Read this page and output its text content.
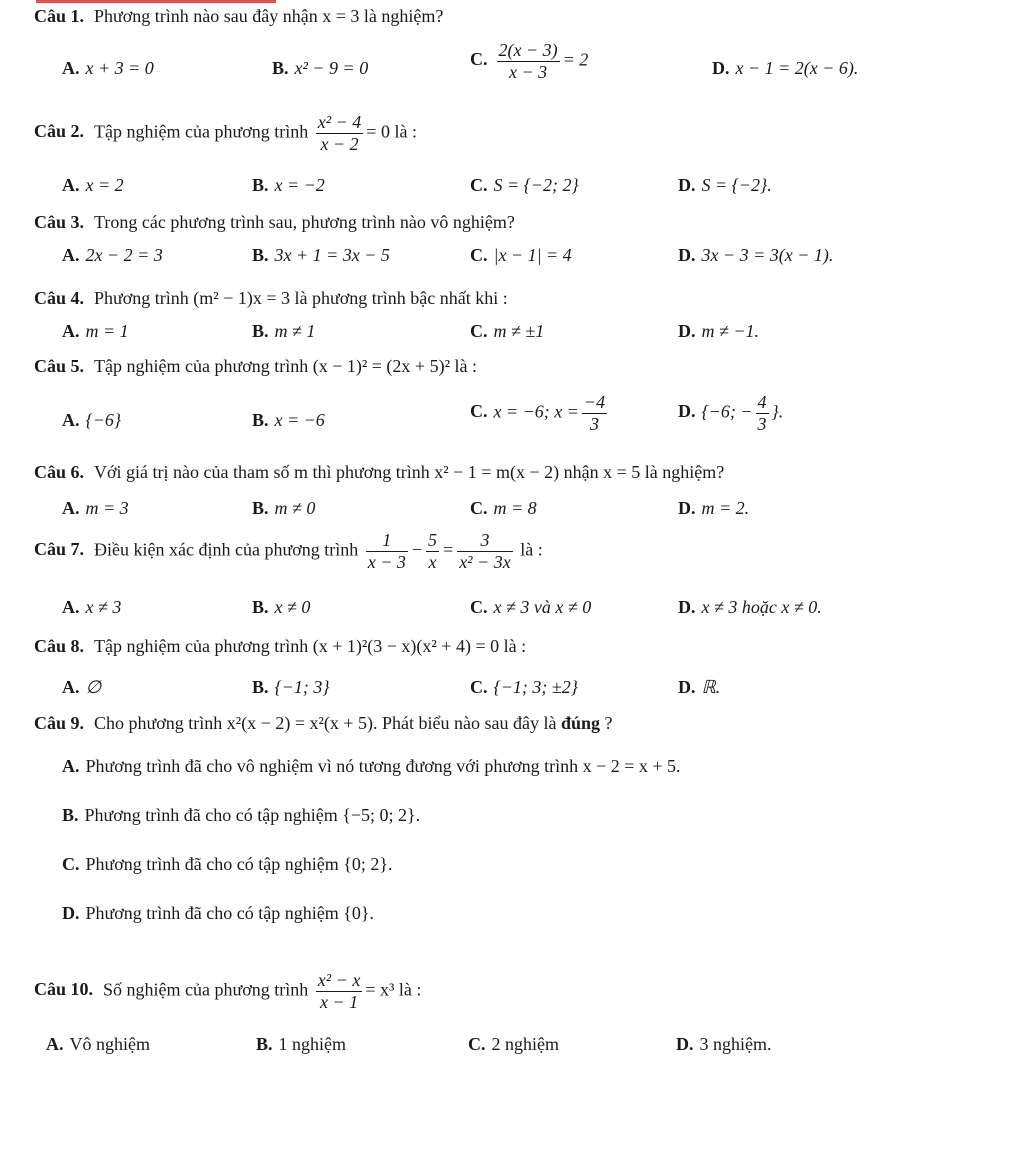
Câu 1. Phương trình nào sau đây nhận x = 3 là nghiệm?
A. x + 3 = 0	B. x² − 9 = 0	C. $\frac{2(x - 3)}{x - 3} = 2$	D. x − 1 = 2(x − 6).
Câu 2. Tập nghiệm của phương trình $\frac{\text{x² − 4}}{x - 2} = 0$ là :
A. x = 2	B. x = −2	C. S = {−2; 2}	D. S = {−2}.
Câu 3. Trong các phương trình sau, phương trình nào vô nghiệm?
A. 2x − 2 = 3	B. 3x + 1 = 3x − 5	C. |x − 1| = 4	D. 3x − 3 = 3(x − 1).
Câu 4. Phương trình (m² − 1)x = 3 là phương trình bậc nhất khi :
A. m = 1	B. m ≠ 1	C. m ≠ ±1	D. m ≠ −1.
Câu 5. Tập nghiệm của phương trình (x − 1)² = (2x + 5)² là :
A. {−6}	B. x = −6	C. x = −6; $x = \frac{-4}{3}$	D. {−6; − $\frac{4}{3}$ }.
Câu 6. Với giá trị nào của tham số m thì phương trình x² − 1 = m(x − 2) nhận x = 5 là nghiệm?
A. m = 3	B. m ≠ 0	C. m = 8	D. m = 2.
Câu 7. Điều kiện xác định của phương trình $\frac{1}{x - 3} - \frac{5}{x} = \frac{3}{\text{x² − 3x}}$ là :
A. x ≠ 3	B. x ≠ 0	C. x ≠ 3 và x ≠ 0	D. x ≠ 3 hoặc x ≠ 0.
Câu 8. Tập nghiệm của phương trình (x + 1)²(3 − x)(x² + 4) = 0 là :
A. ∅	B. {−1; 3}	C. {−1; 3; ±2}	D. ℝ.
Câu 9. Cho phương trình x²(x − 2) = x²(x + 5). Phát biểu nào sau đây là đúng ?
A. Phương trình đã cho vô nghiệm vì nó tương đương với phương trình x − 2 = x + 5.
B. Phương trình đã cho có tập nghiệm {−5; 0; 2}.
C. Phương trình đã cho có tập nghiệm {0; 2}.
D. Phương trình đã cho có tập nghiệm {0}.
Câu 10. Số nghiệm của phương trình $\frac{\text{x² − x}}{x - 1} = x^3$ là :
A. Vô nghiệm	B. 1 nghiệm	C. 2 nghiệm	D. 3 nghiệm.
